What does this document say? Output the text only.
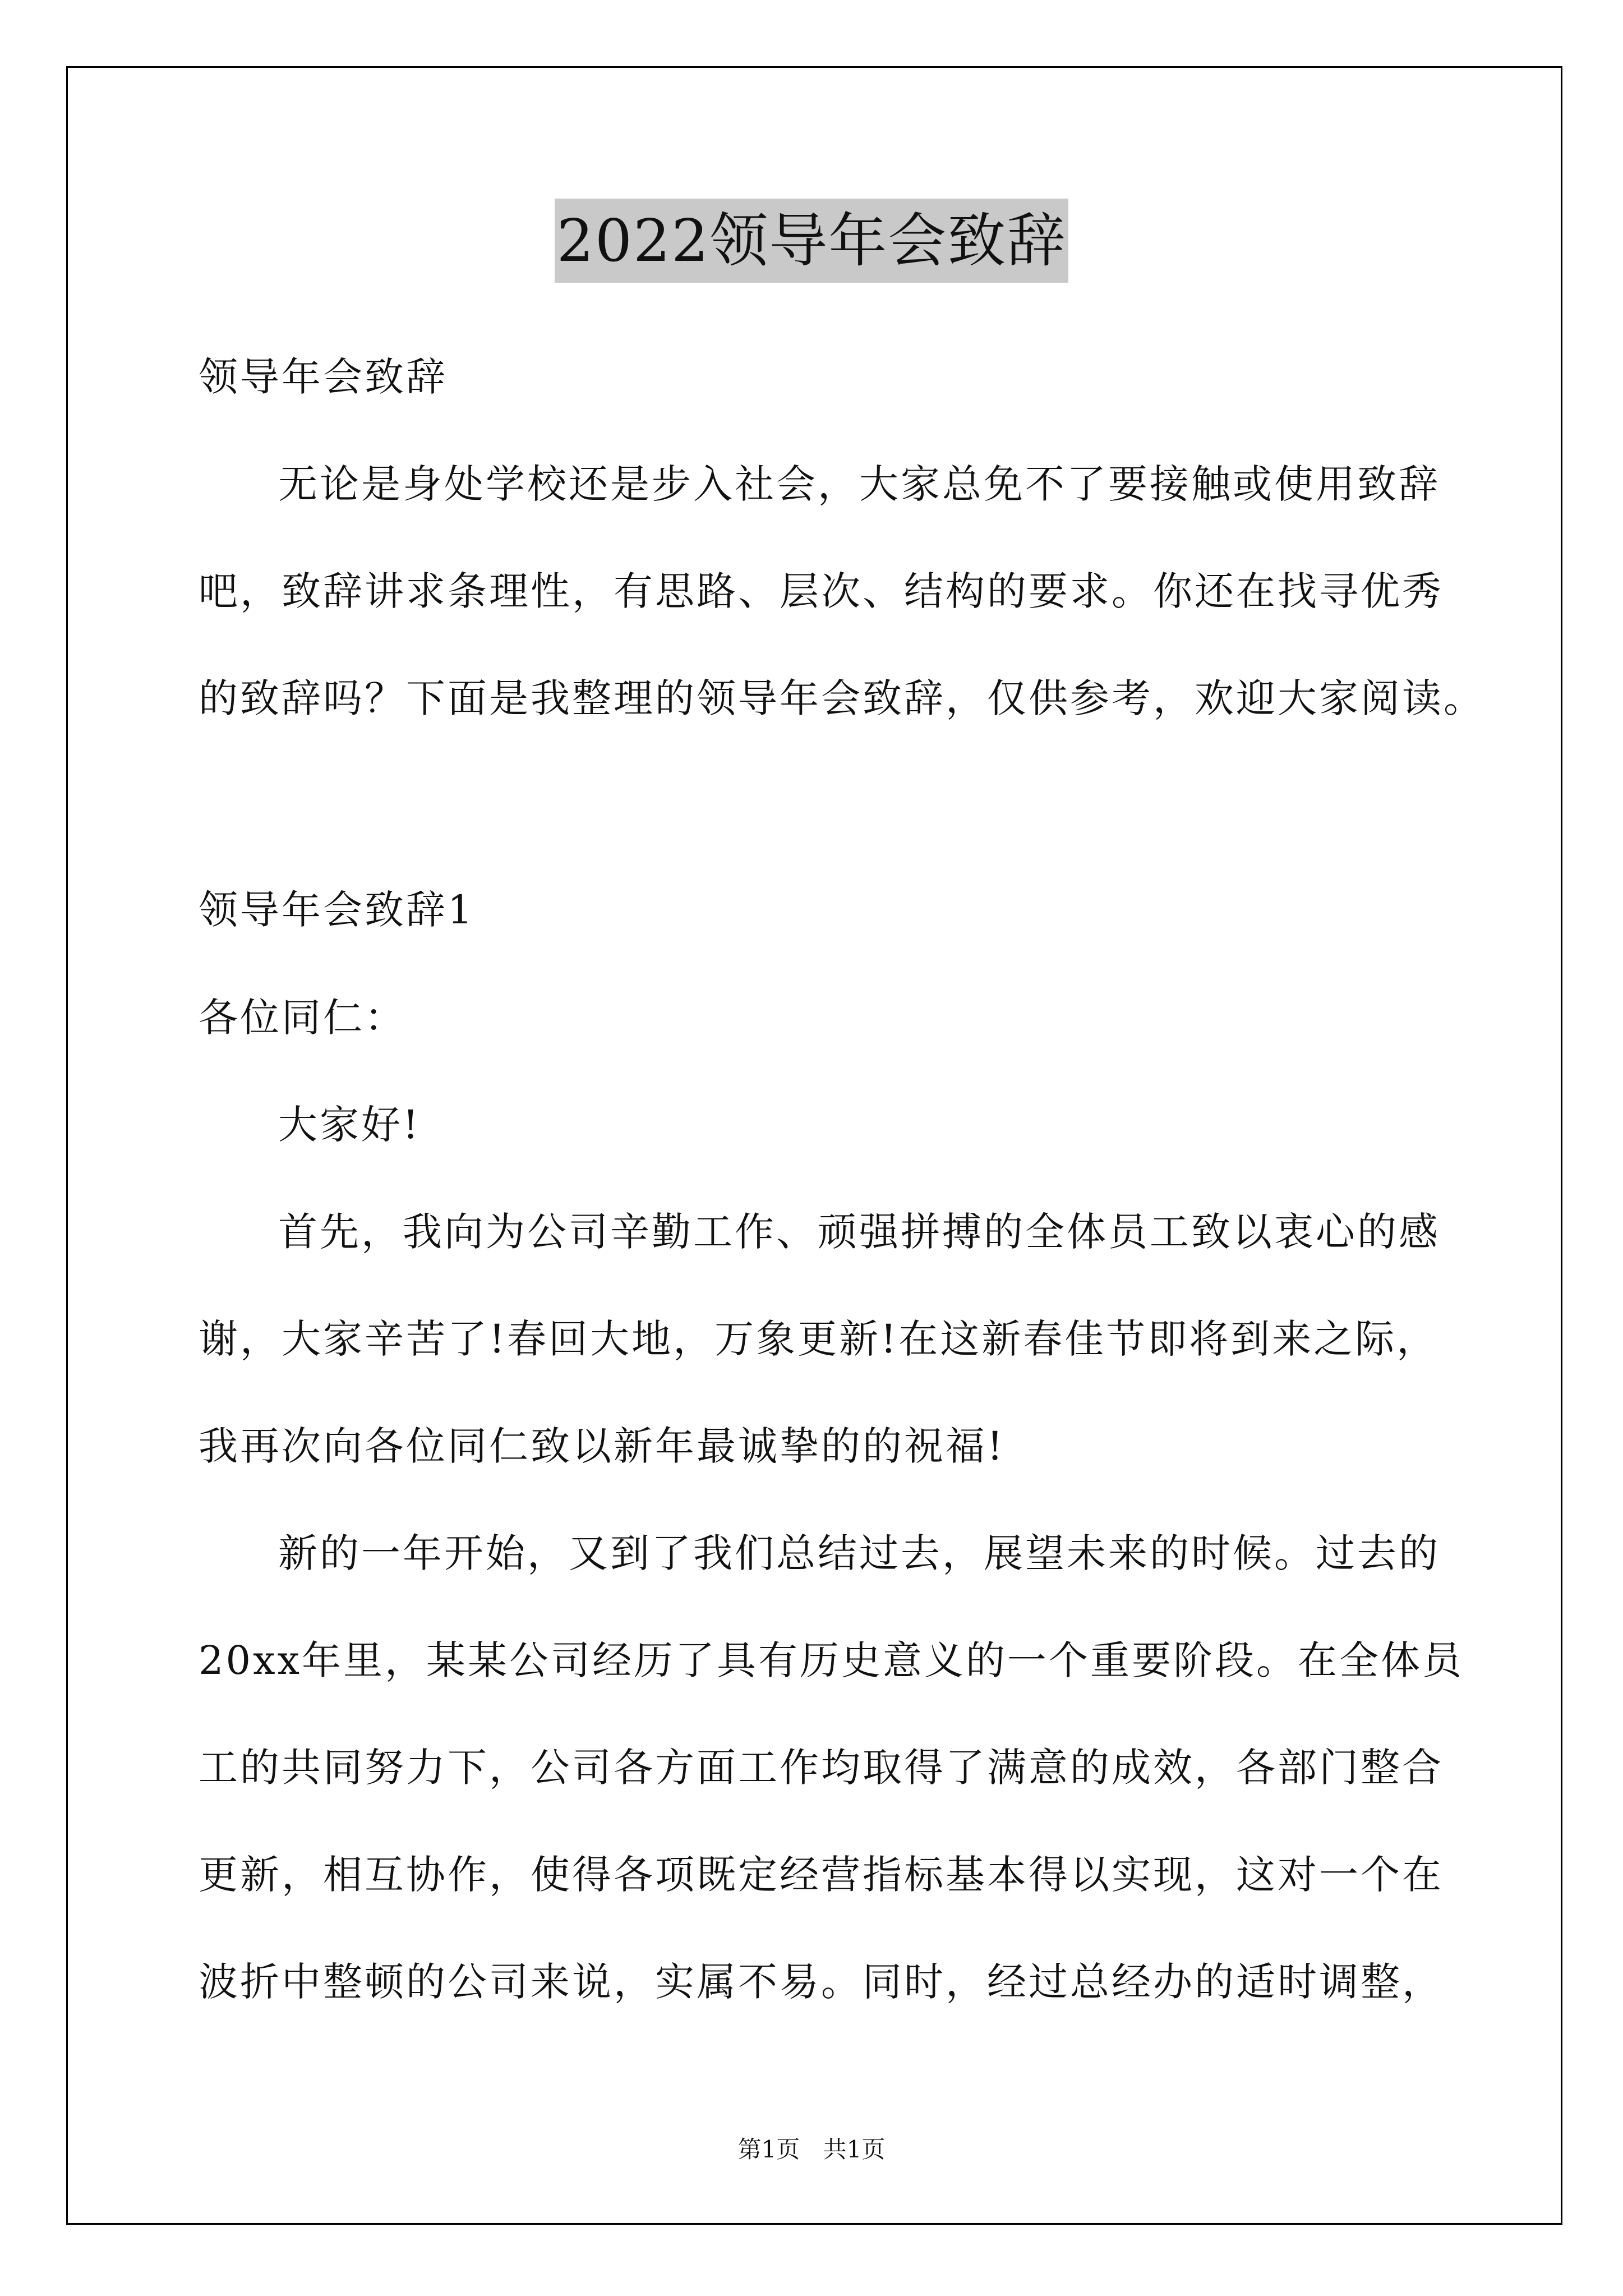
2022领导年会致辞
领导年会致辞
无论是身处学校还是步入社会，大家总免不了要接触或使用致辞
吧，致辞讲求条理性，有思路、层次、结构的要求。你还在找寻优秀
的致辞吗？下面是我整理的领导年会致辞，仅供参考，欢迎大家阅读。
领导年会致辞1
各位同仁：
大家好!
首先，我向为公司辛勤工作、顽强拼搏的全体员工致以衷心的感
谢，大家辛苦了!春回大地，万象更新!在这新春佳节即将到来之际，
我再次向各位同仁致以新年最诚挚的的祝福!
新的一年开始，又到了我们总结过去，展望未来的时候。过去的
20xx年里，某某公司经历了具有历史意义的一个重要阶段。在全体员
工的共同努力下，公司各方面工作均取得了满意的成效，各部门整合
更新，相互协作，使得各项既定经营指标基本得以实现，这对一个在
波折中整顿的公司来说，实属不易。同时，经过总经办的适时调整，
第1页 共1页
